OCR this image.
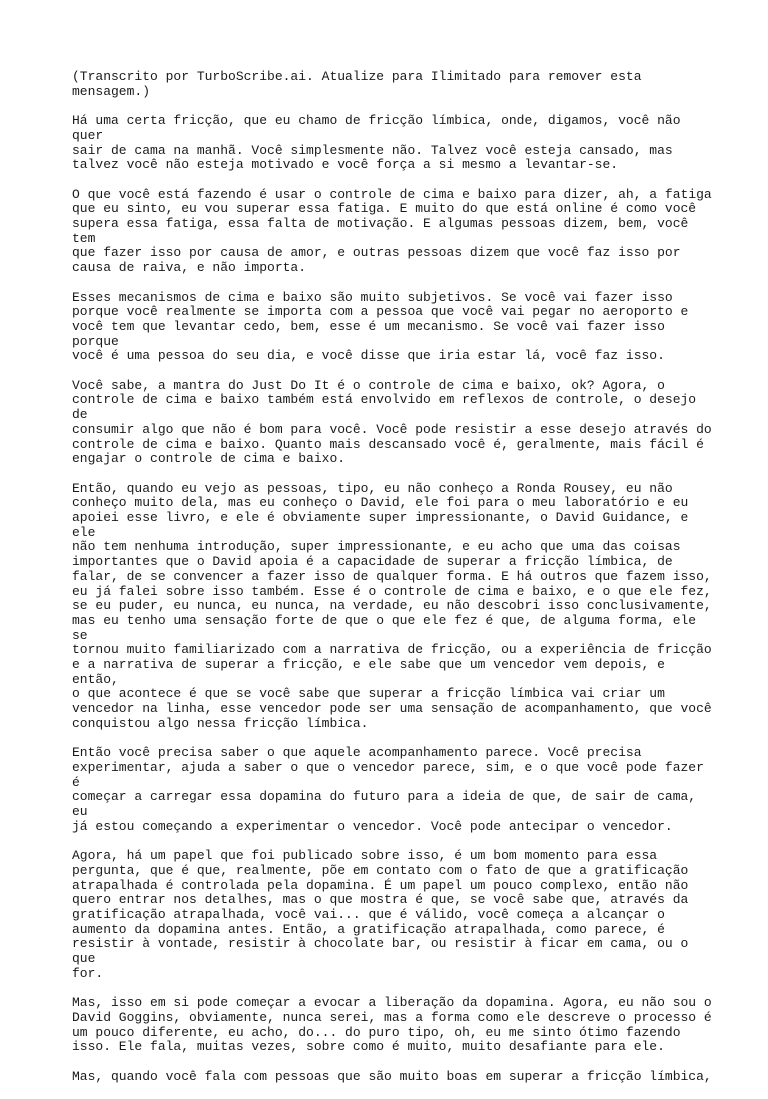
(Transcrito por TurboScribe.ai. Atualize para Ilimitado para remover esta
mensagem.)

Há uma certa fricção, que eu chamo de fricção límbica, onde, digamos, você não quer
sair de cama na manhã. Você simplesmente não. Talvez você esteja cansado, mas
talvez você não esteja motivado e você força a si mesmo a levantar-se.

O que você está fazendo é usar o controle de cima e baixo para dizer, ah, a fatiga
que eu sinto, eu vou superar essa fatiga. E muito do que está online é como você
supera essa fatiga, essa falta de motivação. E algumas pessoas dizem, bem, você tem
que fazer isso por causa de amor, e outras pessoas dizem que você faz isso por
causa de raiva, e não importa.

Esses mecanismos de cima e baixo são muito subjetivos. Se você vai fazer isso
porque você realmente se importa com a pessoa que você vai pegar no aeroporto e
você tem que levantar cedo, bem, esse é um mecanismo. Se você vai fazer isso porque
você é uma pessoa do seu dia, e você disse que iria estar lá, você faz isso.

Você sabe, a mantra do Just Do It é o controle de cima e baixo, ok? Agora, o
controle de cima e baixo também está envolvido em reflexos de controle, o desejo de
consumir algo que não é bom para você. Você pode resistir a esse desejo através do
controle de cima e baixo. Quanto mais descansado você é, geralmente, mais fácil é
engajar o controle de cima e baixo.

Então, quando eu vejo as pessoas, tipo, eu não conheço a Ronda Rousey, eu não
conheço muito dela, mas eu conheço o David, ele foi para o meu laboratório e eu
apoiei esse livro, e ele é obviamente super impressionante, o David Guidance, e ele
não tem nenhuma introdução, super impressionante, e eu acho que uma das coisas
importantes que o David apoia é a capacidade de superar a fricção límbica, de
falar, de se convencer a fazer isso de qualquer forma. E há outros que fazem isso,
eu já falei sobre isso também. Esse é o controle de cima e baixo, e o que ele fez,
se eu puder, eu nunca, eu nunca, na verdade, eu não descobri isso conclusivamente,
mas eu tenho uma sensação forte de que o que ele fez é que, de alguma forma, ele se
tornou muito familiarizado com a narrativa de fricção, ou a experiência de fricção
e a narrativa de superar a fricção, e ele sabe que um vencedor vem depois, e então,
o que acontece é que se você sabe que superar a fricção límbica vai criar um
vencedor na linha, esse vencedor pode ser uma sensação de acompanhamento, que você
conquistou algo nessa fricção límbica.

Então você precisa saber o que aquele acompanhamento parece. Você precisa
experimentar, ajuda a saber o que o vencedor parece, sim, e o que você pode fazer é
começar a carregar essa dopamina do futuro para a ideia de que, de sair de cama, eu
já estou começando a experimentar o vencedor. Você pode antecipar o vencedor.

Agora, há um papel que foi publicado sobre isso, é um bom momento para essa
pergunta, que é que, realmente, põe em contato com o fato de que a gratificação
atrapalhada é controlada pela dopamina. É um papel um pouco complexo, então não
quero entrar nos detalhes, mas o que mostra é que, se você sabe que, através da
gratificação atrapalhada, você vai... que é válido, você começa a alcançar o
aumento da dopamina antes. Então, a gratificação atrapalhada, como parece, é
resistir à vontade, resistir à chocolate bar, ou resistir à ficar em cama, ou o que
for.

Mas, isso em si pode começar a evocar a liberação da dopamina. Agora, eu não sou o
David Goggins, obviamente, nunca serei, mas a forma como ele descreve o processo é
um pouco diferente, eu acho, do... do puro tipo, oh, eu me sinto ótimo fazendo
isso. Ele fala, muitas vezes, sobre como é muito, muito desafiante para ele.

Mas, quando você fala com pessoas que são muito boas em superar a fricção límbica,
